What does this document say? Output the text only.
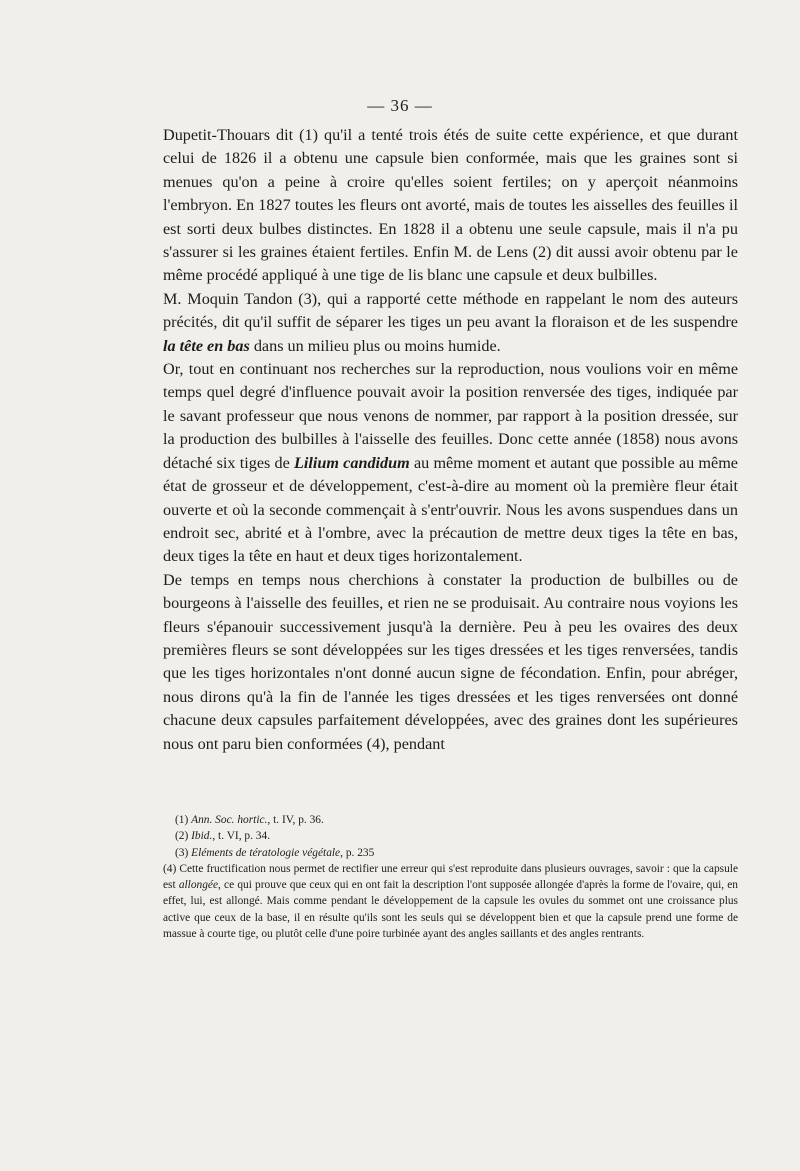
— 36 —

Dupetit-Thouars dit (1) qu'il a tenté trois étés de suite cette expérience, et que durant celui de 1826 il a obtenu une capsule bien conformée, mais que les graines sont si menues qu'on a peine à croire qu'elles soient fertiles; on y aperçoit néanmoins l'embryon. En 1827 toutes les fleurs ont avorté, mais de toutes les aisselles des feuilles il est sorti deux bulbes distinctes. En 1828 il a obtenu une seule capsule, mais il n'a pu s'assurer si les graines étaient fertiles. Enfin M. de Lens (2) dit aussi avoir obtenu par le même procédé appliqué à une tige de lis blanc une capsule et deux bulbilles.

M. Moquin Tandon (3), qui a rapporté cette méthode en rappelant le nom des auteurs précités, dit qu'il suffit de séparer les tiges un peu avant la floraison et de les suspendre la tête en bas dans un milieu plus ou moins humide.

Or, tout en continuant nos recherches sur la reproduction, nous voulions voir en même temps quel degré d'influence pouvait avoir la position renversée des tiges, indiquée par le savant professeur que nous venons de nommer, par rapport à la position dressée, sur la production des bulbilles à l'aisselle des feuilles. Donc cette année (1858) nous avons détaché six tiges de Lilium candidum au même moment et autant que possible au même état de grosseur et de développement, c'est-à-dire au moment où la première fleur était ouverte et où la seconde commençait à s'entr'ouvrir. Nous les avons suspendues dans un endroit sec, abrité et à l'ombre, avec la précaution de mettre deux tiges la tête en bas, deux tiges la tête en haut et deux tiges horizontalement.

De temps en temps nous cherchions à constater la production de bulbilles ou de bourgeons à l'aisselle des feuilles, et rien ne se produisait. Au contraire nous voyions les fleurs s'épanouir successivement jusqu'à la dernière. Peu à peu les ovaires des deux premières fleurs se sont développées sur les tiges dressées et les tiges renversées, tandis que les tiges horizontales n'ont donné aucun signe de fécondation. Enfin, pour abréger, nous dirons qu'à la fin de l'année les tiges dressées et les tiges renversées ont donné chacune deux capsules parfaitement développées, avec des graines dont les supérieures nous ont paru bien conformées (4), pendant

(1) Ann. Soc. hortic., t. IV, p. 36.

(2) Ibid., t. VI, p. 34.

(3) Eléments de tératologie végétale, p. 235

(4) Cette fructification nous permet de rectifier une erreur qui s'est reproduite dans plusieurs ouvrages, savoir : que la capsule est allongée, ce qui prouve que ceux qui en ont fait la description l'ont supposée allongée d'après la forme de l'ovaire, qui, en effet, lui, est allongé. Mais comme pendant le développement de la capsule les ovules du sommet ont une croissance plus active que ceux de la base, il en résulte qu'ils sont les seuls qui se développent bien et que la capsule prend une forme de massue à courte tige, ou plutôt celle d'une poire turbinée ayant des angles saillants et des angles rentrants.
